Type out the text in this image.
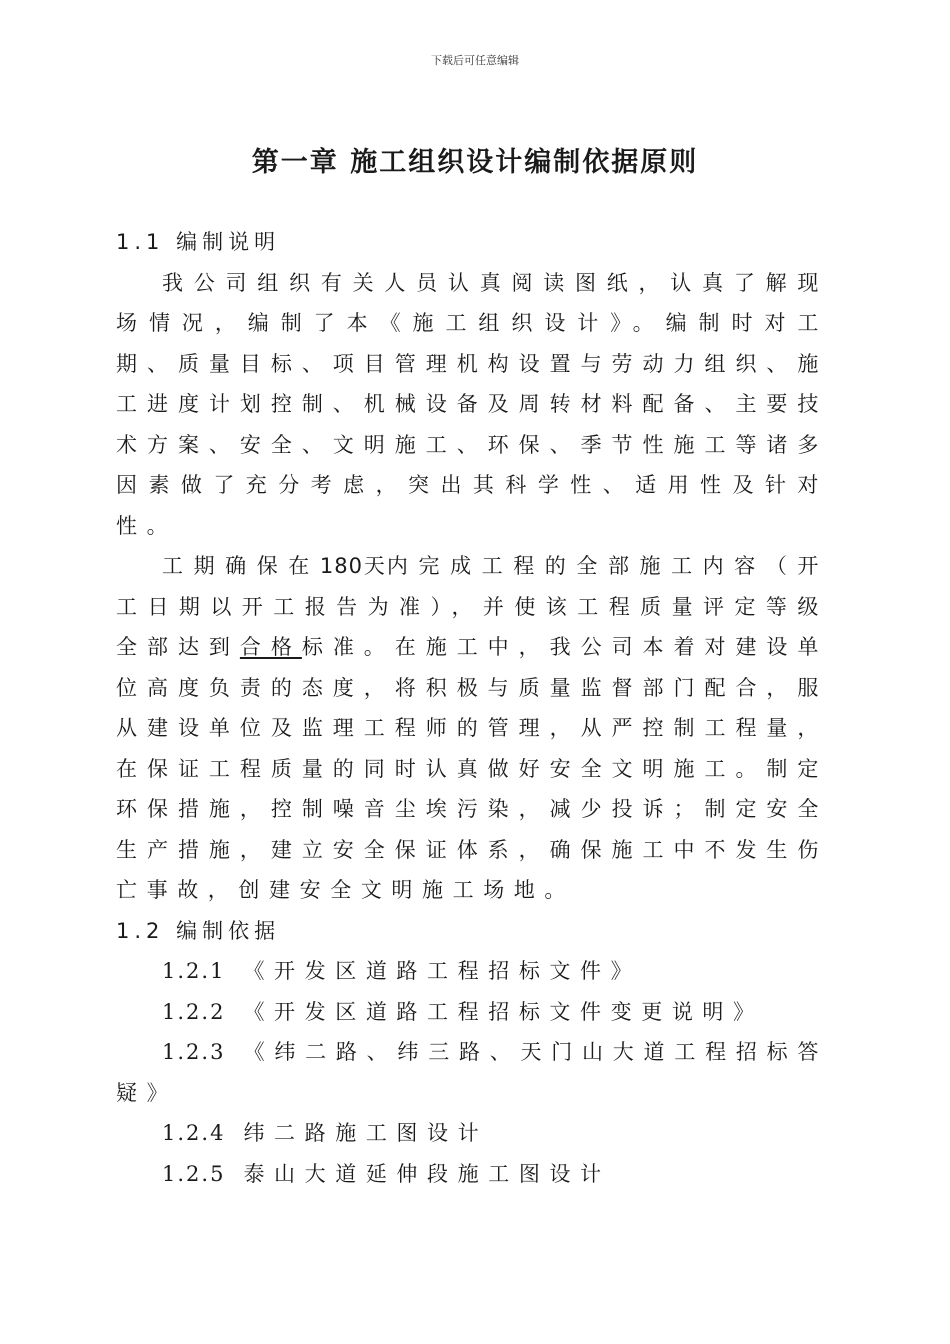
下载后可任意编辑
第一章 施工组织设计编制依据原则
1.1 编制说明

我公司组织有关人员认真阅读图纸，认真了解现场情况，编制了本《施工组织设计》。编制时对工期、质量目标、项目管理机构设置与劳动力组织、施工进度计划控制、机械设备及周转材料配备、主要技术方案、安全、文明施工、环保、季节性施工等诸多因素做了充分考虑，突出其科学性、适用性及针对性。

工期确保在180天内完成工程的全部施工内容（开工日期以开工报告为准），并使该工程质量评定等级全部达到合格标准。在施工中，我公司本着对建设单位高度负责的态度，将积极与质量监督部门配合，服从建设单位及监理工程师的管理，从严控制工程量，在保证工程质量的同时认真做好安全文明施工。制定环保措施，控制噪音尘埃污染，减少投诉；制定安全生产措施，建立安全保证体系，确保施工中不发生伤亡事故，创建安全文明施工场地。

1.2 编制依据

1.2.1 《开发区道路工程招标文件》

1.2.2 《开发区道路工程招标文件变更说明》

1.2.3 《纬二路、纬三路、天门山大道工程招标答疑》

1.2.4 纬二路施工图设计

1.2.5 泰山大道延伸段施工图设计
